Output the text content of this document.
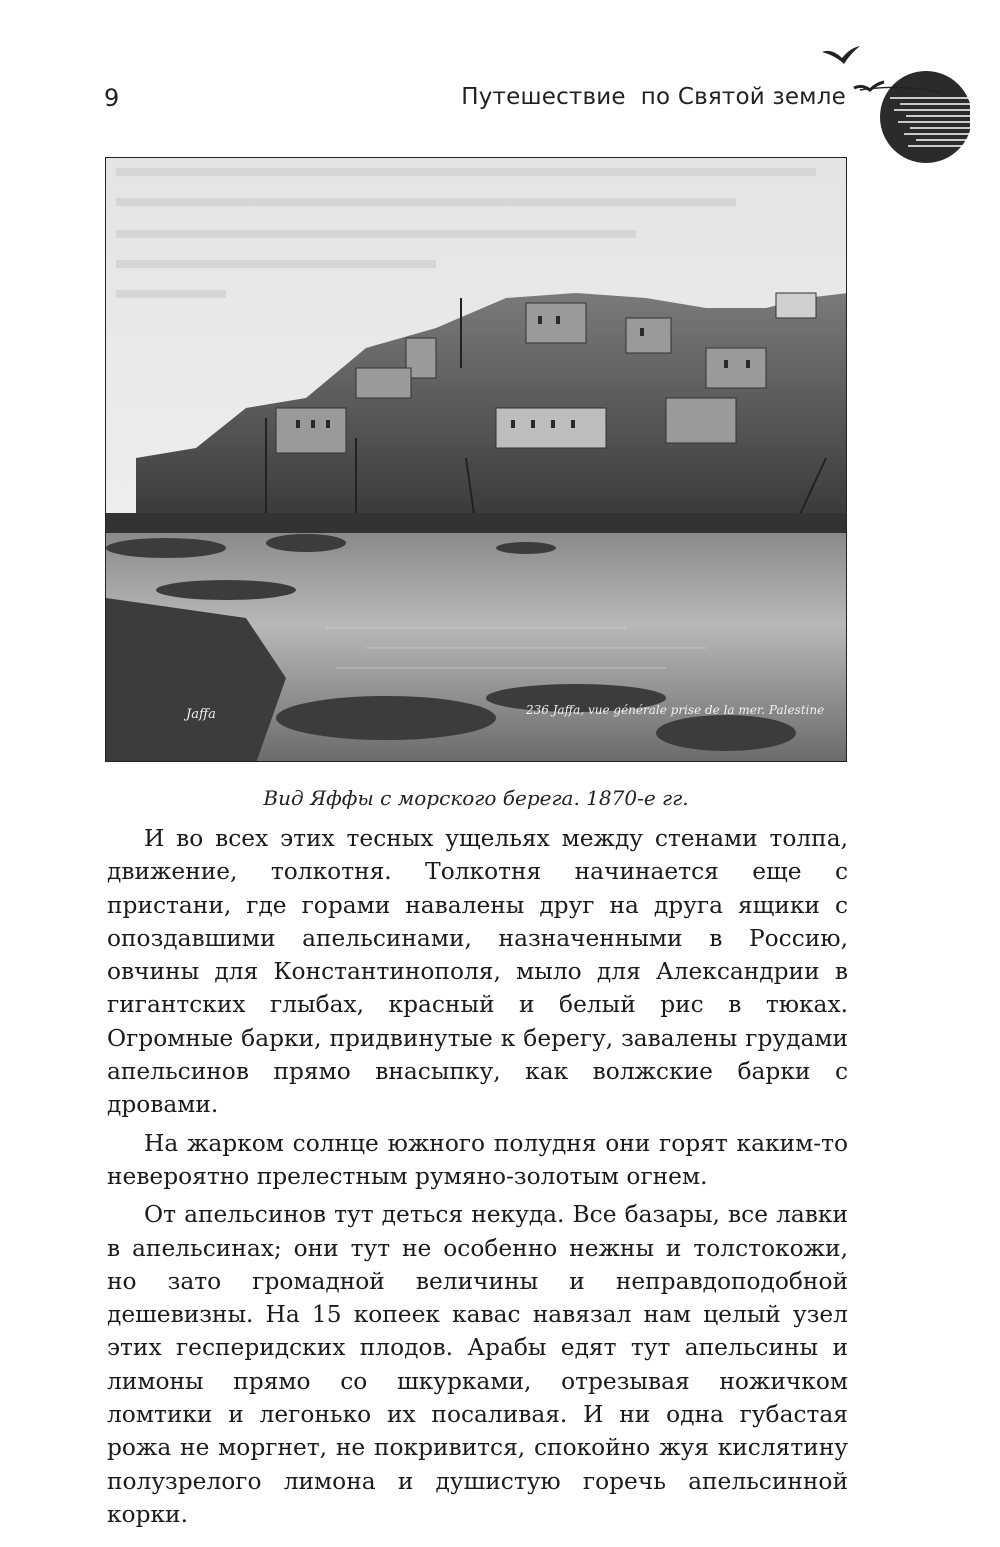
9	Путешествие  по Святой земле
Jaffa	236 Jaffa, vue générale prise de la mer. Palestine
Вид Яффы с морского берега. 1870-е гг.

И во всех этих тесных ущельях между стенами толпа, движение, толкотня. Толкотня начинается еще с пристани, где горами навалены друг на друга ящики с опоздавшими апельсинами, назначенными в Россию, овчины для Константинополя, мыло для Александрии в гигантских глыбах, красный и белый рис в тюках. Огромные барки, придвинутые к берегу, завалены грудами апельсинов прямо внасыпку, как волжские барки с дровами.

На жарком солнце южного полудня они горят каким-то невероятно прелестным румяно-золотым огнем.

От апельсинов тут деться некуда. Все базары, все лавки в апельсинах; они тут не особенно нежны и толстокожи, но зато громадной величины и неправдоподобной дешевизны. На 15 копеек кавас навязал нам целый узел этих гесперидских плодов. Арабы едят тут апельсины и лимоны прямо со шкурками, отрезывая ножичком ломтики и легонько их посаливая. И ни одна губастая рожа не моргнет, не покривится, спокойно жуя кислятину полузрелого лимона и душистую горечь апельсинной корки.
